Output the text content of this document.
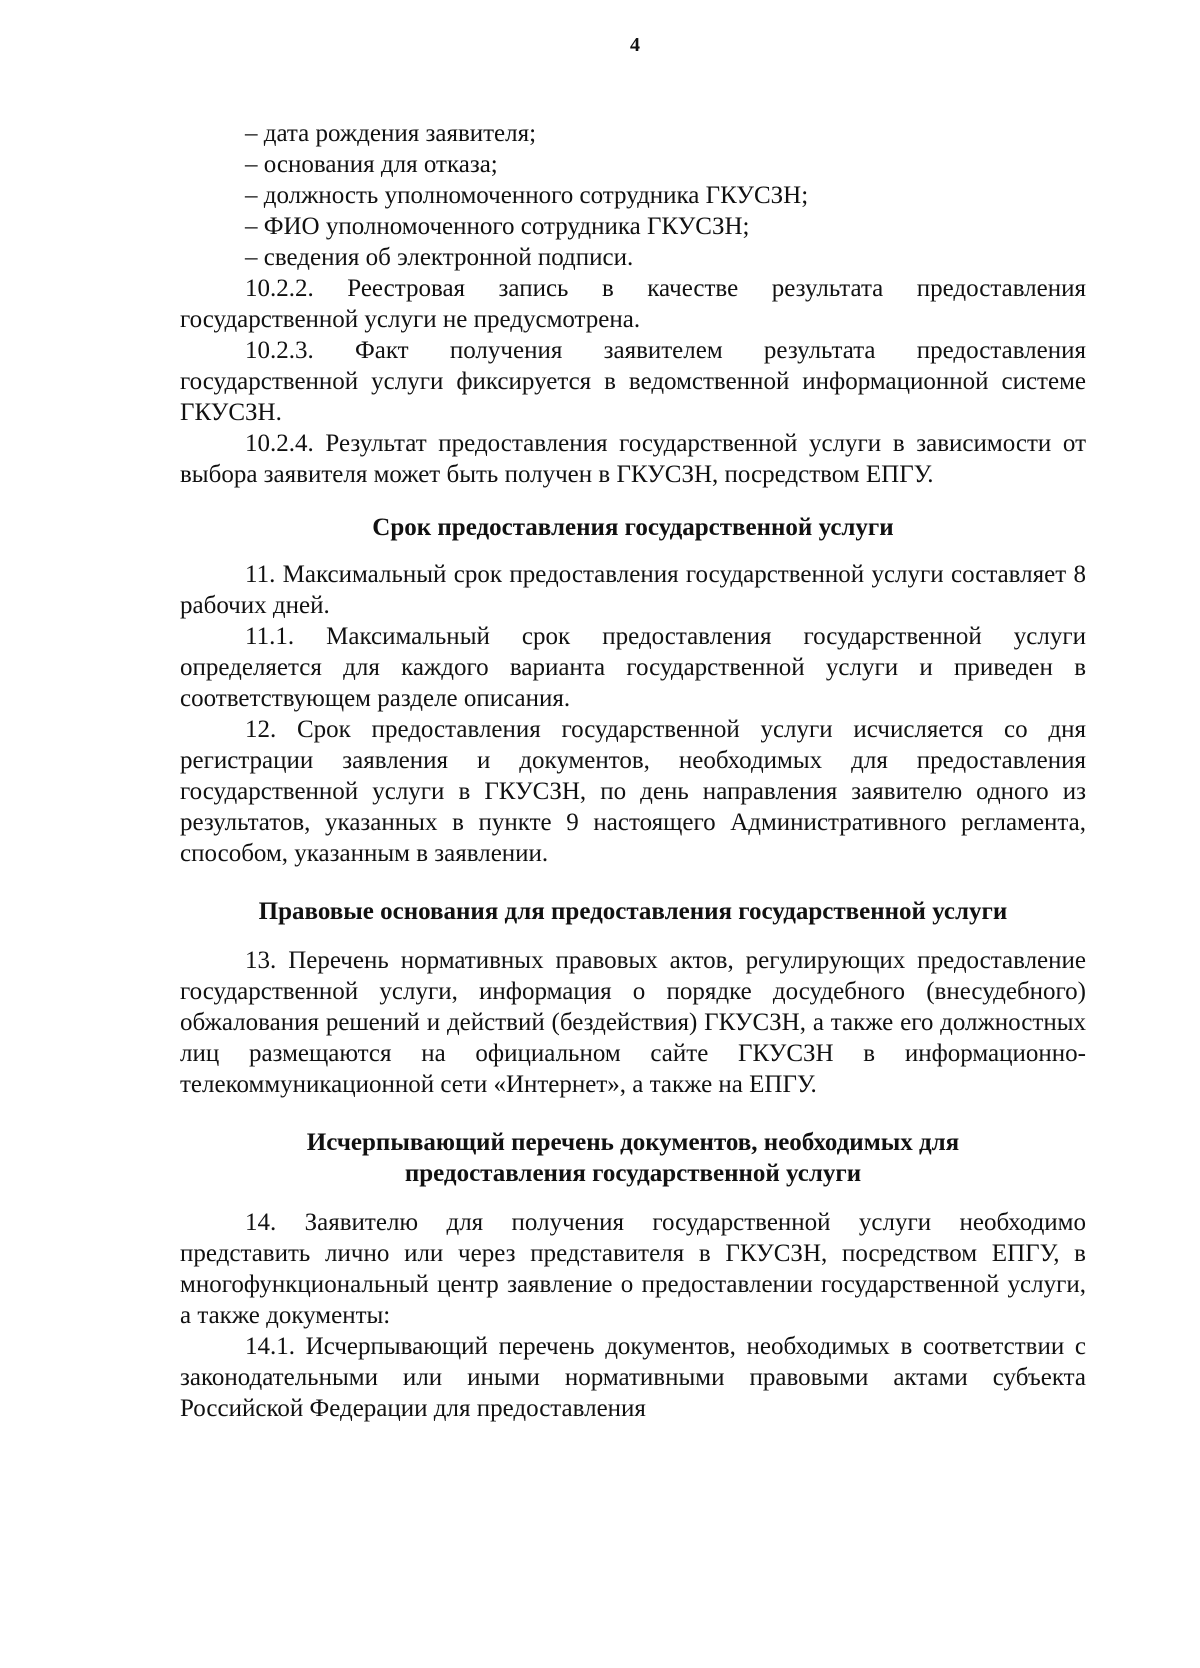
4

– дата рождения заявителя;

– основания для отказа;

– должность уполномоченного сотрудника ГКУСЗН;

– ФИО уполномоченного сотрудника ГКУСЗН;

– сведения об электронной подписи.

10.2.2. Реестровая запись в качестве результата предоставления государственной услуги не предусмотрена.

10.2.3. Факт получения заявителем результата предоставления государственной услуги фиксируется в ведомственной информационной системе ГКУСЗН.

10.2.4. Результат предоставления государственной услуги в зависимости от выбора заявителя может быть получен в ГКУСЗН, посредством ЕПГУ.

Срок предоставления государственной услуги

11. Максимальный срок предоставления государственной услуги составляет 8 рабочих дней.

11.1. Максимальный срок предоставления государственной услуги определяется для каждого варианта государственной услуги и приведен в соответствующем разделе описания.

12. Срок предоставления государственной услуги исчисляется со дня регистрации заявления и документов, необходимых для предоставления государственной услуги в ГКУСЗН, по день направления заявителю одного из результатов, указанных в пункте 9 настоящего Административного регламента, способом, указанным в заявлении.

Правовые основания для предоставления государственной услуги

13. Перечень нормативных правовых актов, регулирующих предоставление государственной услуги, информация о порядке досудебного (внесудебного) обжалования решений и действий (бездействия) ГКУСЗН, а также его должностных лиц размещаются на официальном сайте ГКУСЗН в информационно-телекоммуникационной сети «Интернет», а также на ЕПГУ.

Исчерпывающий перечень документов, необходимых для
предоставления государственной услуги

14. Заявителю для получения государственной услуги необходимо представить лично или через представителя в ГКУСЗН, посредством ЕПГУ, в многофункциональный центр заявление о предоставлении государственной услуги, а также документы:

14.1. Исчерпывающий перечень документов, необходимых в соответствии с законодательными или иными нормативными правовыми актами субъекта Российской Федерации для предоставления
